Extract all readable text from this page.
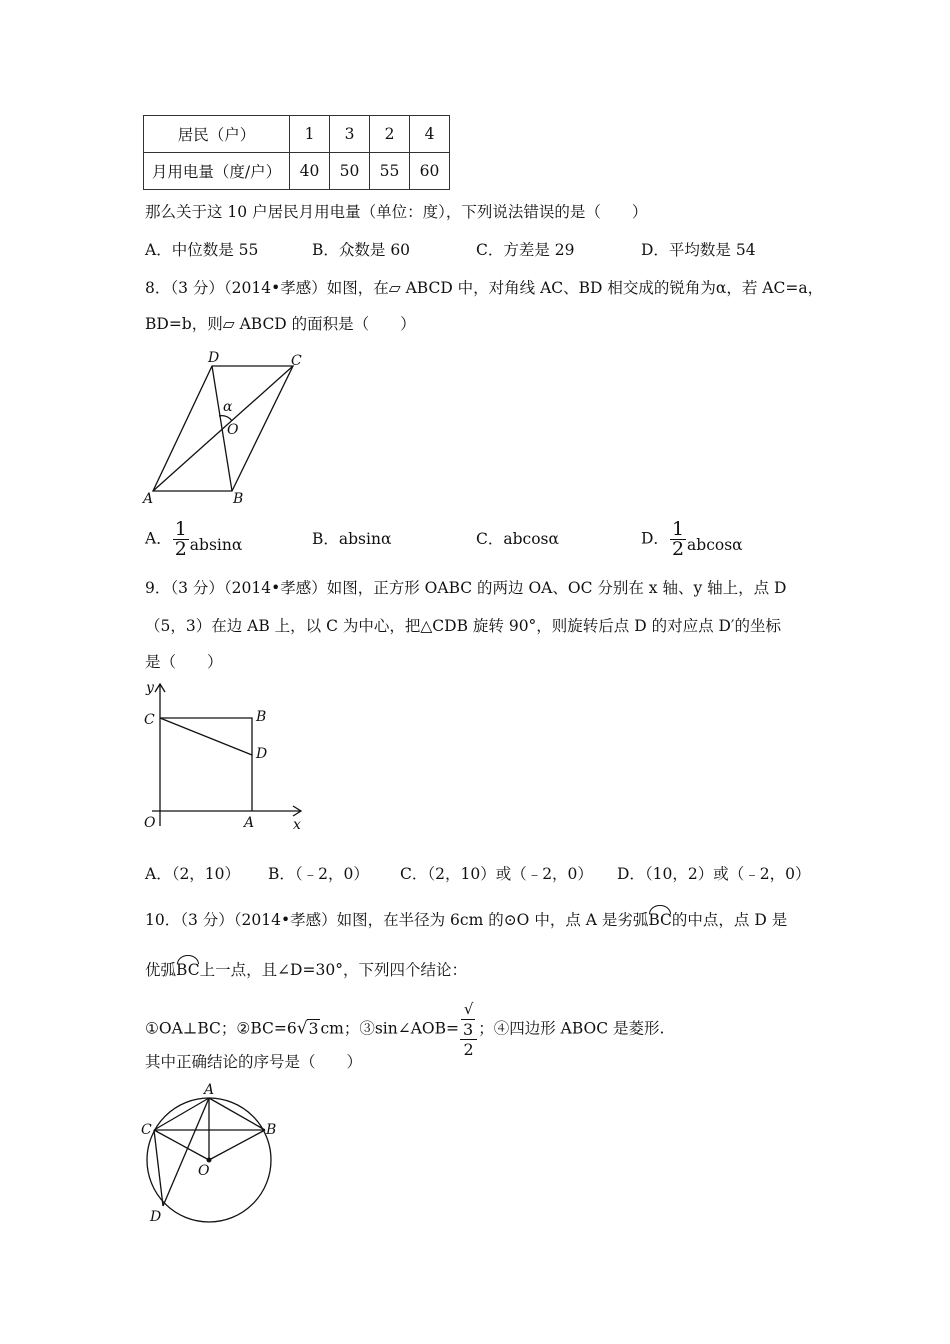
居民（户）	1	3	2	4
月用电量（度/户）	40	50	55	60
那么关于这 10 户居民月用电量（单位：度），下列说法错误的是（　　）
A．中位数是 55	B．众数是 60	C．方差是 29	D．平均数是 54
8．（3 分）（2014•孝感）如图，在▱ ABCD 中，对角线 AC、BD 相交成的锐角为α，若 AC=a，
BD=b，则▱ ABCD 的面积是（　　）
D	C
α
O
A	B
A． $\frac{1}{2}$ absinα	B．absinα	C．abcosα	D． $\frac{1}{2}$ abcosα
9．（3 分）（2014•孝感）如图，正方形 OABC 的两边 OA、OC 分别在 x 轴、y 轴上，点 D
（5，3）在边 AB 上，以 C 为中心，把△CDB 旋转 90°，则旋转后点 D 的对应点 D′的坐标
是（　　）
y
C	B
D
O	A	x
A．（2，10） B．（﹣2，0） C．（2，10）或（﹣2，0） D．（10，2）或（﹣2，0）
10．（3 分）（2014•孝感）如图，在半径为 6cm 的⊙O 中，点 A 是劣弧BC的中点，点 D 是
优弧BC上一点，且∠D=30°，下列四个结论：
①OA⊥BC；②BC=6√3 cm；③sin∠AOB= √
3
2 ；④四边形 ABOC 是菱形.
其中正确结论的序号是（　　）
A
C	B
O
D
